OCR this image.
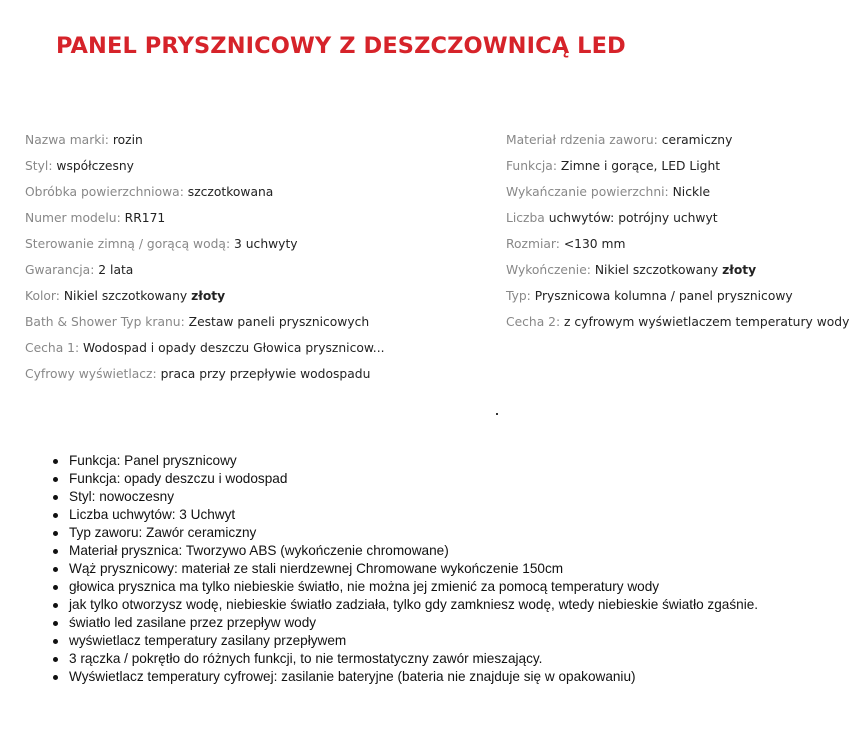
PANEL PRYSZNICOWY Z DESZCZOWNICĄ LED
Nazwa marki: rozin
Styl: współczesny
Obróbka powierzchniowa: szczotkowana
Numer modelu: RR171
Sterowanie zimną / gorącą wodą: 3 uchwyty
Gwarancja: 2 lata
Kolor: Nikiel szczotkowany złoty
Bath & Shower Typ kranu: Zestaw paneli prysznicowych
Cecha 1: Wodospad i opady deszczu Głowica prysznicow...
Cyfrowy wyświetlacz: praca przy przepływie wodospadu
Materiał rdzenia zaworu: ceramiczny
Funkcja: Zimne i gorące, LED Light
Wykańczanie powierzchni: Nickle
Liczba uchwytów: potrójny uchwyt
Rozmiar: <130 mm
Wykończenie: Nikiel szczotkowany złoty
Typ: Prysznicowa kolumna / panel prysznicowy
Cecha 2: z cyfrowym wyświetlaczem temperatury wody
Funkcja: Panel prysznicowy
Funkcja: opady deszczu i wodospad
Styl: nowoczesny
Liczba uchwytów: 3 Uchwyt
Typ zaworu: Zawór ceramiczny
Materiał prysznica: Tworzywo ABS (wykończenie chromowane)
Wąż prysznicowy: materiał ze stali nierdzewnej Chromowane wykończenie 150cm
głowica prysznica ma tylko niebieskie światło, nie można jej zmienić za pomocą temperatury wody
jak tylko otworzysz wodę, niebieskie światło zadziała, tylko gdy zamkniesz wodę, wtedy niebieskie światło zgaśnie.
światło led zasilane przez przepływ wody
wyświetlacz temperatury zasilany przepływem
3 rączka / pokrętło do różnych funkcji, to nie termostatyczny zawór mieszający.
Wyświetlacz temperatury cyfrowej: zasilanie bateryjne (bateria nie znajduje się w opakowaniu)
